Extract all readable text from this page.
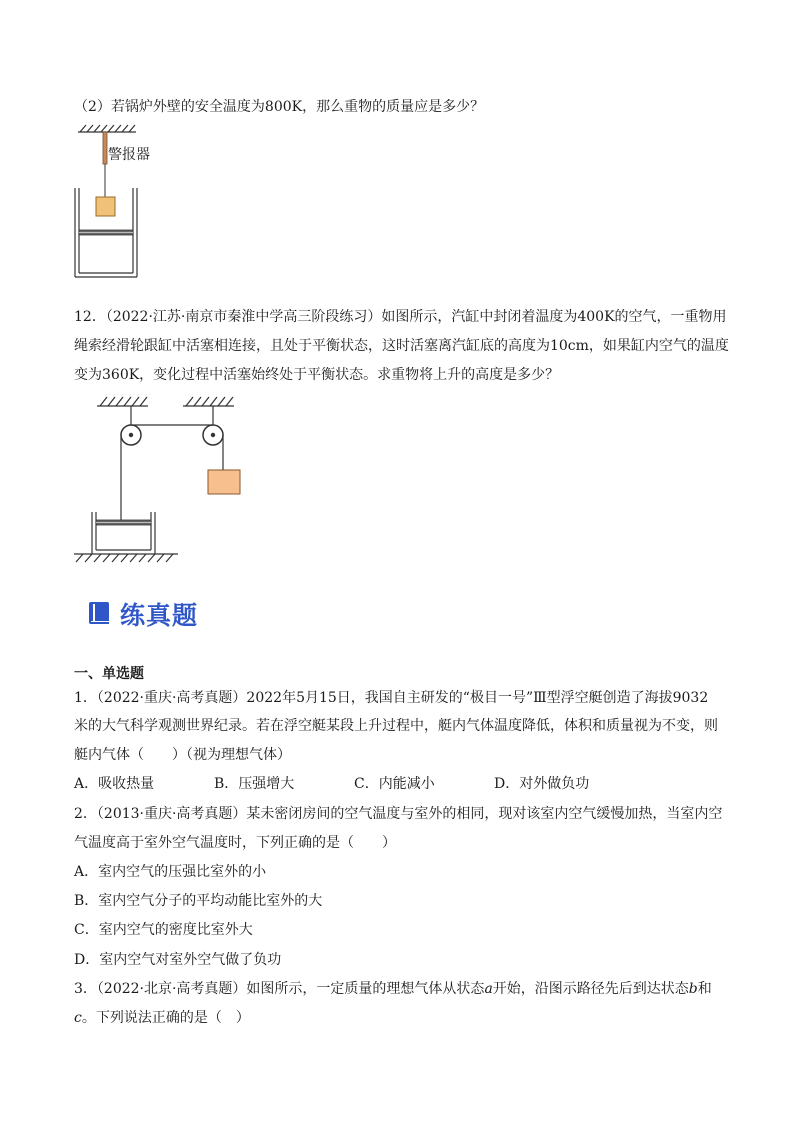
（2）若锅炉外壁的安全温度为800K，那么重物的质量应是多少？

警报器

12．（2022·江苏·南京市秦淮中学高三阶段练习）如图所示，汽缸中封闭着温度为400K的空气，一重物用

绳索经滑轮跟缸中活塞相连接，且处于平衡状态，这时活塞离汽缸底的高度为10cm，如果缸内空气的温度

变为360K，变化过程中活塞始终处于平衡状态。求重物将上升的高度是多少？

练真题

一、单选题

1．（2022·重庆·高考真题）2022年5月15日，我国自主研发的“极目一号”Ⅲ型浮空艇创造了海拔9032

米的大气科学观测世界纪录。若在浮空艇某段上升过程中，艇内气体温度降低，体积和质量视为不变，则

艇内气体（　　）（视为理想气体）

A．吸收热量	B．压强增大	C．内能减小	D．对外做负功

2．（2013·重庆·高考真题）某未密闭房间的空气温度与室外的相同，现对该室内空气缓慢加热，当室内空

气温度高于室外空气温度时，下列正确的是（　　）

A．室内空气的压强比室外的小

B．室内空气分子的平均动能比室外的大

C．室内空气的密度比室外大

D．室内空气对室外空气做了负功

3．（2022·北京·高考真题）如图所示，一定质量的理想气体从状态a开始，沿图示路径先后到达状态b和

c。下列说法正确的是（　）
